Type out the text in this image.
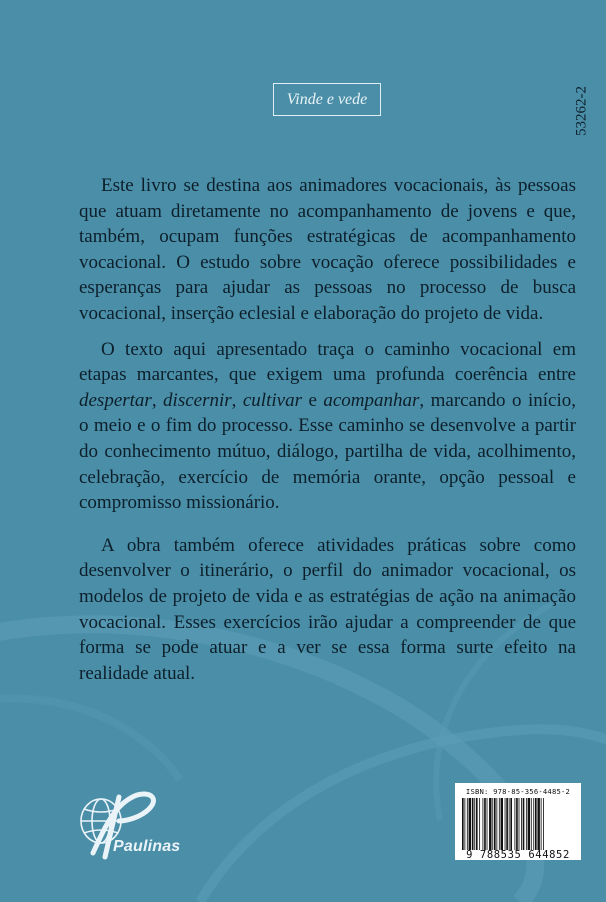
Vinde e vede	53262-2

Este livro se destina aos animadores vocacionais, às pessoas que atuam diretamente no acompanhamento de jovens e que, também, ocupam funções estratégicas de acompanhamento vocacional. O estudo sobre vocação oferece possibilidades e esperanças para ajudar as pessoas no processo de busca vocacional, inserção eclesial e elaboração do projeto de vida.

O texto aqui apresentado traça o caminho vocacional em etapas marcantes, que exigem uma profunda coerência entre despertar, discernir, cultivar e acompanhar, marcando o início, o meio e o fim do processo. Esse caminho se desenvolve a partir do conhecimento mútuo, diálogo, partilha de vida, acolhimento, celebração, exercício de memória orante, opção pessoal e compromisso missionário.

A obra também oferece atividades práticas sobre como desenvolver o itinerário, o perfil do animador vocacional, os modelos de projeto de vida e as estratégias de ação na animação vocacional. Esses exercícios irão ajudar a compreender de que forma se pode atuar e a ver se essa forma surte efeito na realidade atual.

Paulinas
ISBN: 978-85-356-4485-2
9 788535 644852
